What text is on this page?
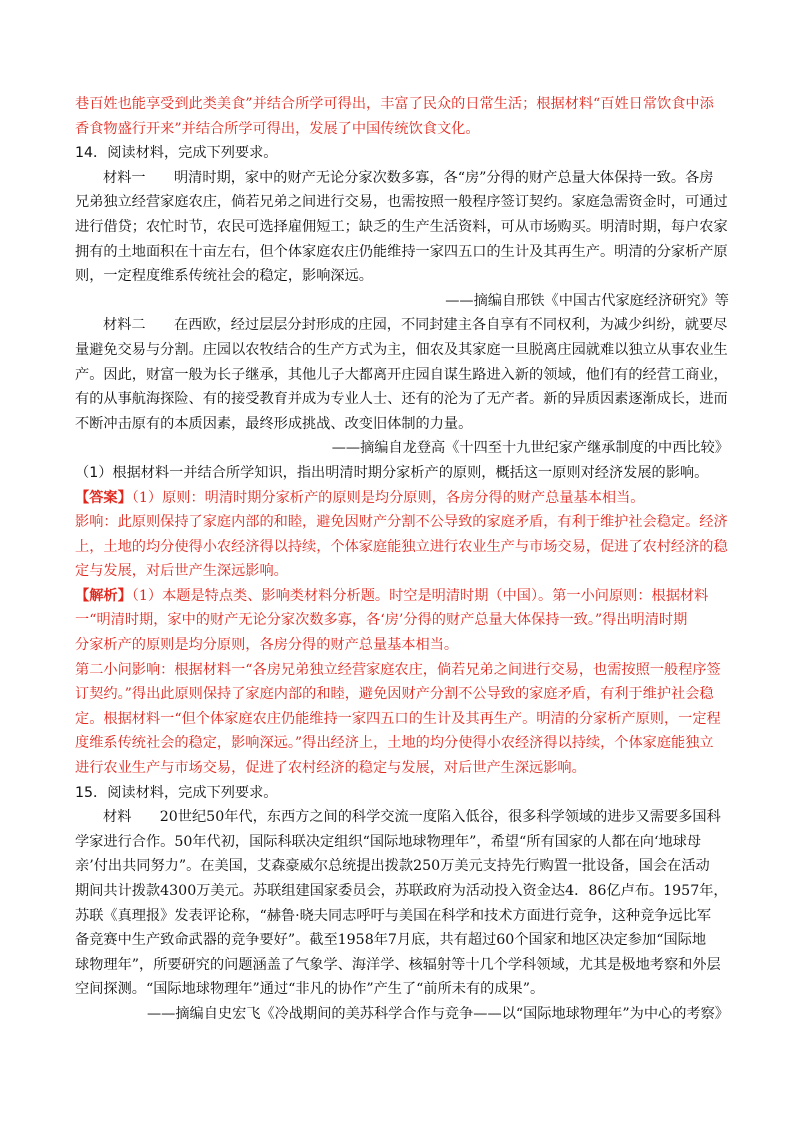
巷百姓也能享受到此类美食”并结合所学可得出，丰富了民众的日常生活；根据材料“百姓日常饮食中添
香食物盛行开来”并结合所学可得出，发展了中国传统饮食文化。
14．阅读材料，完成下列要求。
材料一　　明清时期，家中的财产无论分家次数多寡，各“房”分得的财产总量大体保持一致。各房
兄弟独立经营家庭农庄，倘若兄弟之间进行交易，也需按照一般程序签订契约。家庭急需资金时，可通过
进行借贷；农忙时节，农民可选择雇佣短工；缺乏的生产生活资料，可从市场购买。明清时期，每户农家
拥有的土地面积在十亩左右，但个体家庭农庄仍能维持一家四五口的生计及其再生产。明清的分家析产原
则，一定程度维系传统社会的稳定，影响深远。
——摘编自邢铁《中国古代家庭经济研究》等
材料二　　在西欧，经过层层分封形成的庄园，不同封建主各自享有不同权利，为减少纠纷，就要尽
量避免交易与分割。庄园以农牧结合的生产方式为主，佃农及其家庭一旦脱离庄园就难以独立从事农业生
产。因此，财富一般为长子继承，其他儿子大都离开庄园自谋生路进入新的领域，他们有的经营工商业，
有的从事航海探险、有的接受教育并成为专业人士、还有的沦为了无产者。新的异质因素逐渐成长，进而
不断冲击原有的本质因素，最终形成挑战、改变旧体制的力量。
——摘编自龙登高《十四至十九世纪家产继承制度的中西比较》
（1）根据材料一并结合所学知识，指出明清时期分家析产的原则，概括这一原则对经济发展的影响。
【答案】（1）原则：明清时期分家析产的原则是均分原则，各房分得的财产总量基本相当。
影响：此原则保持了家庭内部的和睦，避免因财产分割不公导致的家庭矛盾，有利于维护社会稳定。经济
上，土地的均分使得小农经济得以持续，个体家庭能独立进行农业生产与市场交易，促进了农村经济的稳
定与发展，对后世产生深远影响。
【解析】（1）本题是特点类、影响类材料分析题。时空是明清时期（中国）。第一小问原则：根据材料
一“明清时期，家中的财产无论分家次数多寡，各‘房’分得的财产总量大体保持一致。”得出明清时期
分家析产的原则是均分原则，各房分得的财产总量基本相当。
第二小问影响：根据材料一“各房兄弟独立经营家庭农庄，倘若兄弟之间进行交易，也需按照一般程序签
订契约。”得出此原则保持了家庭内部的和睦，避免因财产分割不公导致的家庭矛盾，有利于维护社会稳
定。根据材料一“但个体家庭农庄仍能维持一家四五口的生计及其再生产。明清的分家析产原则，一定程
度维系传统社会的稳定，影响深远。”得出经济上，土地的均分使得小农经济得以持续，个体家庭能独立
进行农业生产与市场交易，促进了农村经济的稳定与发展，对后世产生深远影响。
15．阅读材料，完成下列要求。
材料　　20世纪50年代，东西方之间的科学交流一度陷入低谷，很多科学领域的进步又需要多国科
学家进行合作。50年代初，国际科联决定组织“国际地球物理年”，希望“所有国家的人都在向‘地球母
亲’付出共同努力”。在美国，艾森豪威尔总统提出拨款250万美元支持先行购置一批设备，国会在活动
期间共计拨款4300万美元。苏联组建国家委员会，苏联政府为活动投入资金达4．86亿卢布。1957年，
苏联《真理报》发表评论称，“赫鲁·晓夫同志呼吁与美国在科学和技术方面进行竞争，这种竞争远比军
备竞赛中生产致命武器的竞争要好”。截至1958年7月底，共有超过60个国家和地区决定参加“国际地
球物理年”，所要研究的问题涵盖了气象学、海洋学、核辐射等十几个学科领域，尤其是极地考察和外层
空间探测。“国际地球物理年”通过“非凡的协作”产生了“前所未有的成果”。
——摘编自史宏飞《冷战期间的美苏科学合作与竞争——以“国际地球物理年”为中心的考察》
